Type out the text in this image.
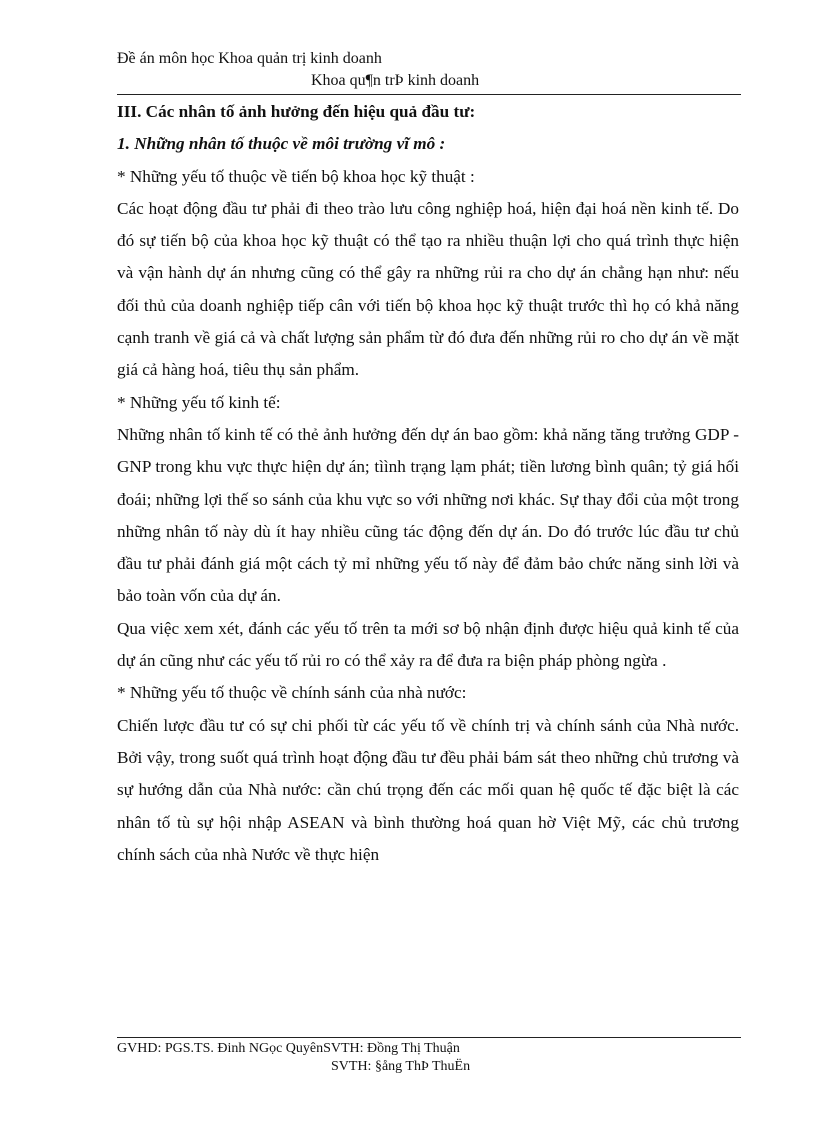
Đề án môn học Khoa quản trị kinh doanh
Khoa qu¶n trÞ kinh doanh

III. Các nhân tố ảnh hưởng đến hiệu quả đầu tư:

1. Những nhân tố thuộc về môi trường vĩ mô :

* Những yếu tố thuộc về tiến bộ khoa học kỹ thuật :

Các hoạt động đầu tư phải đi theo trào lưu công nghiệp hoá, hiện đại hoá nền kinh tế. Do đó sự tiến bộ của khoa học kỹ thuật có thể tạo ra nhiều thuận lợi cho quá trình thực hiện và vận hành dự án nhưng cũng có thể gây ra những rủi ra cho dự án chẳng hạn như: nếu đối thủ của doanh nghiệp tiếp cân với tiến bộ khoa học kỹ thuật trước thì họ có khả năng cạnh tranh về giá cả và chất lượng sản phẩm từ đó đưa đến những rủi ro cho dự án về mặt giá cả hàng hoá, tiêu thụ sản phẩm.

* Những yếu tố kinh tế:

Những nhân tố kinh tế có thẻ ảnh hưởng đến dự án bao gồm: khả năng tăng trưởng GDP - GNP trong khu vực thực hiện dự án; tìình trạng lạm phát; tiền lương bình quân; tỷ giá hối đoái; những lợi thế so sánh của khu vực so với những nơi khác. Sự thay đổi của một trong những nhân tố này dù ít hay nhiều cũng tác động đến dự án. Do đó trước lúc đầu tư chủ đầu tư phải đánh giá một cách tỷ mỉ những yếu tố này để đảm bảo chức năng sinh lời và bảo toàn vốn của dự án.

Qua việc xem xét, đánh các yếu tố trên ta mới sơ bộ nhận định được hiệu quả kinh tế của dự án cũng như các yếu tố rủi ro có thể xảy ra để đưa ra biện pháp phòng ngừa .

* Những yếu tố thuộc về chính sánh của nhà nước:

Chiến lược đầu tư có sự chi phối từ các yếu tố về chính trị và chính sánh của Nhà nước. Bởi vậy, trong suốt quá trình hoạt động đầu tư đều phải bám sát theo những chủ trương và sự hướng dẫn của Nhà nước: cần chú trọng đến các mối quan hệ quốc tế đặc biệt là các nhân tố tù sự hội nhập ASEAN và bình thường hoá quan hờ Việt Mỹ, các chủ trương chính sách của nhà Nước về thực hiện

GVHD: PGS.TS. Đinh NGọc QuyênSVTH: Đồng Thị Thuận
SVTH: §ång ThÞ ThuËn
